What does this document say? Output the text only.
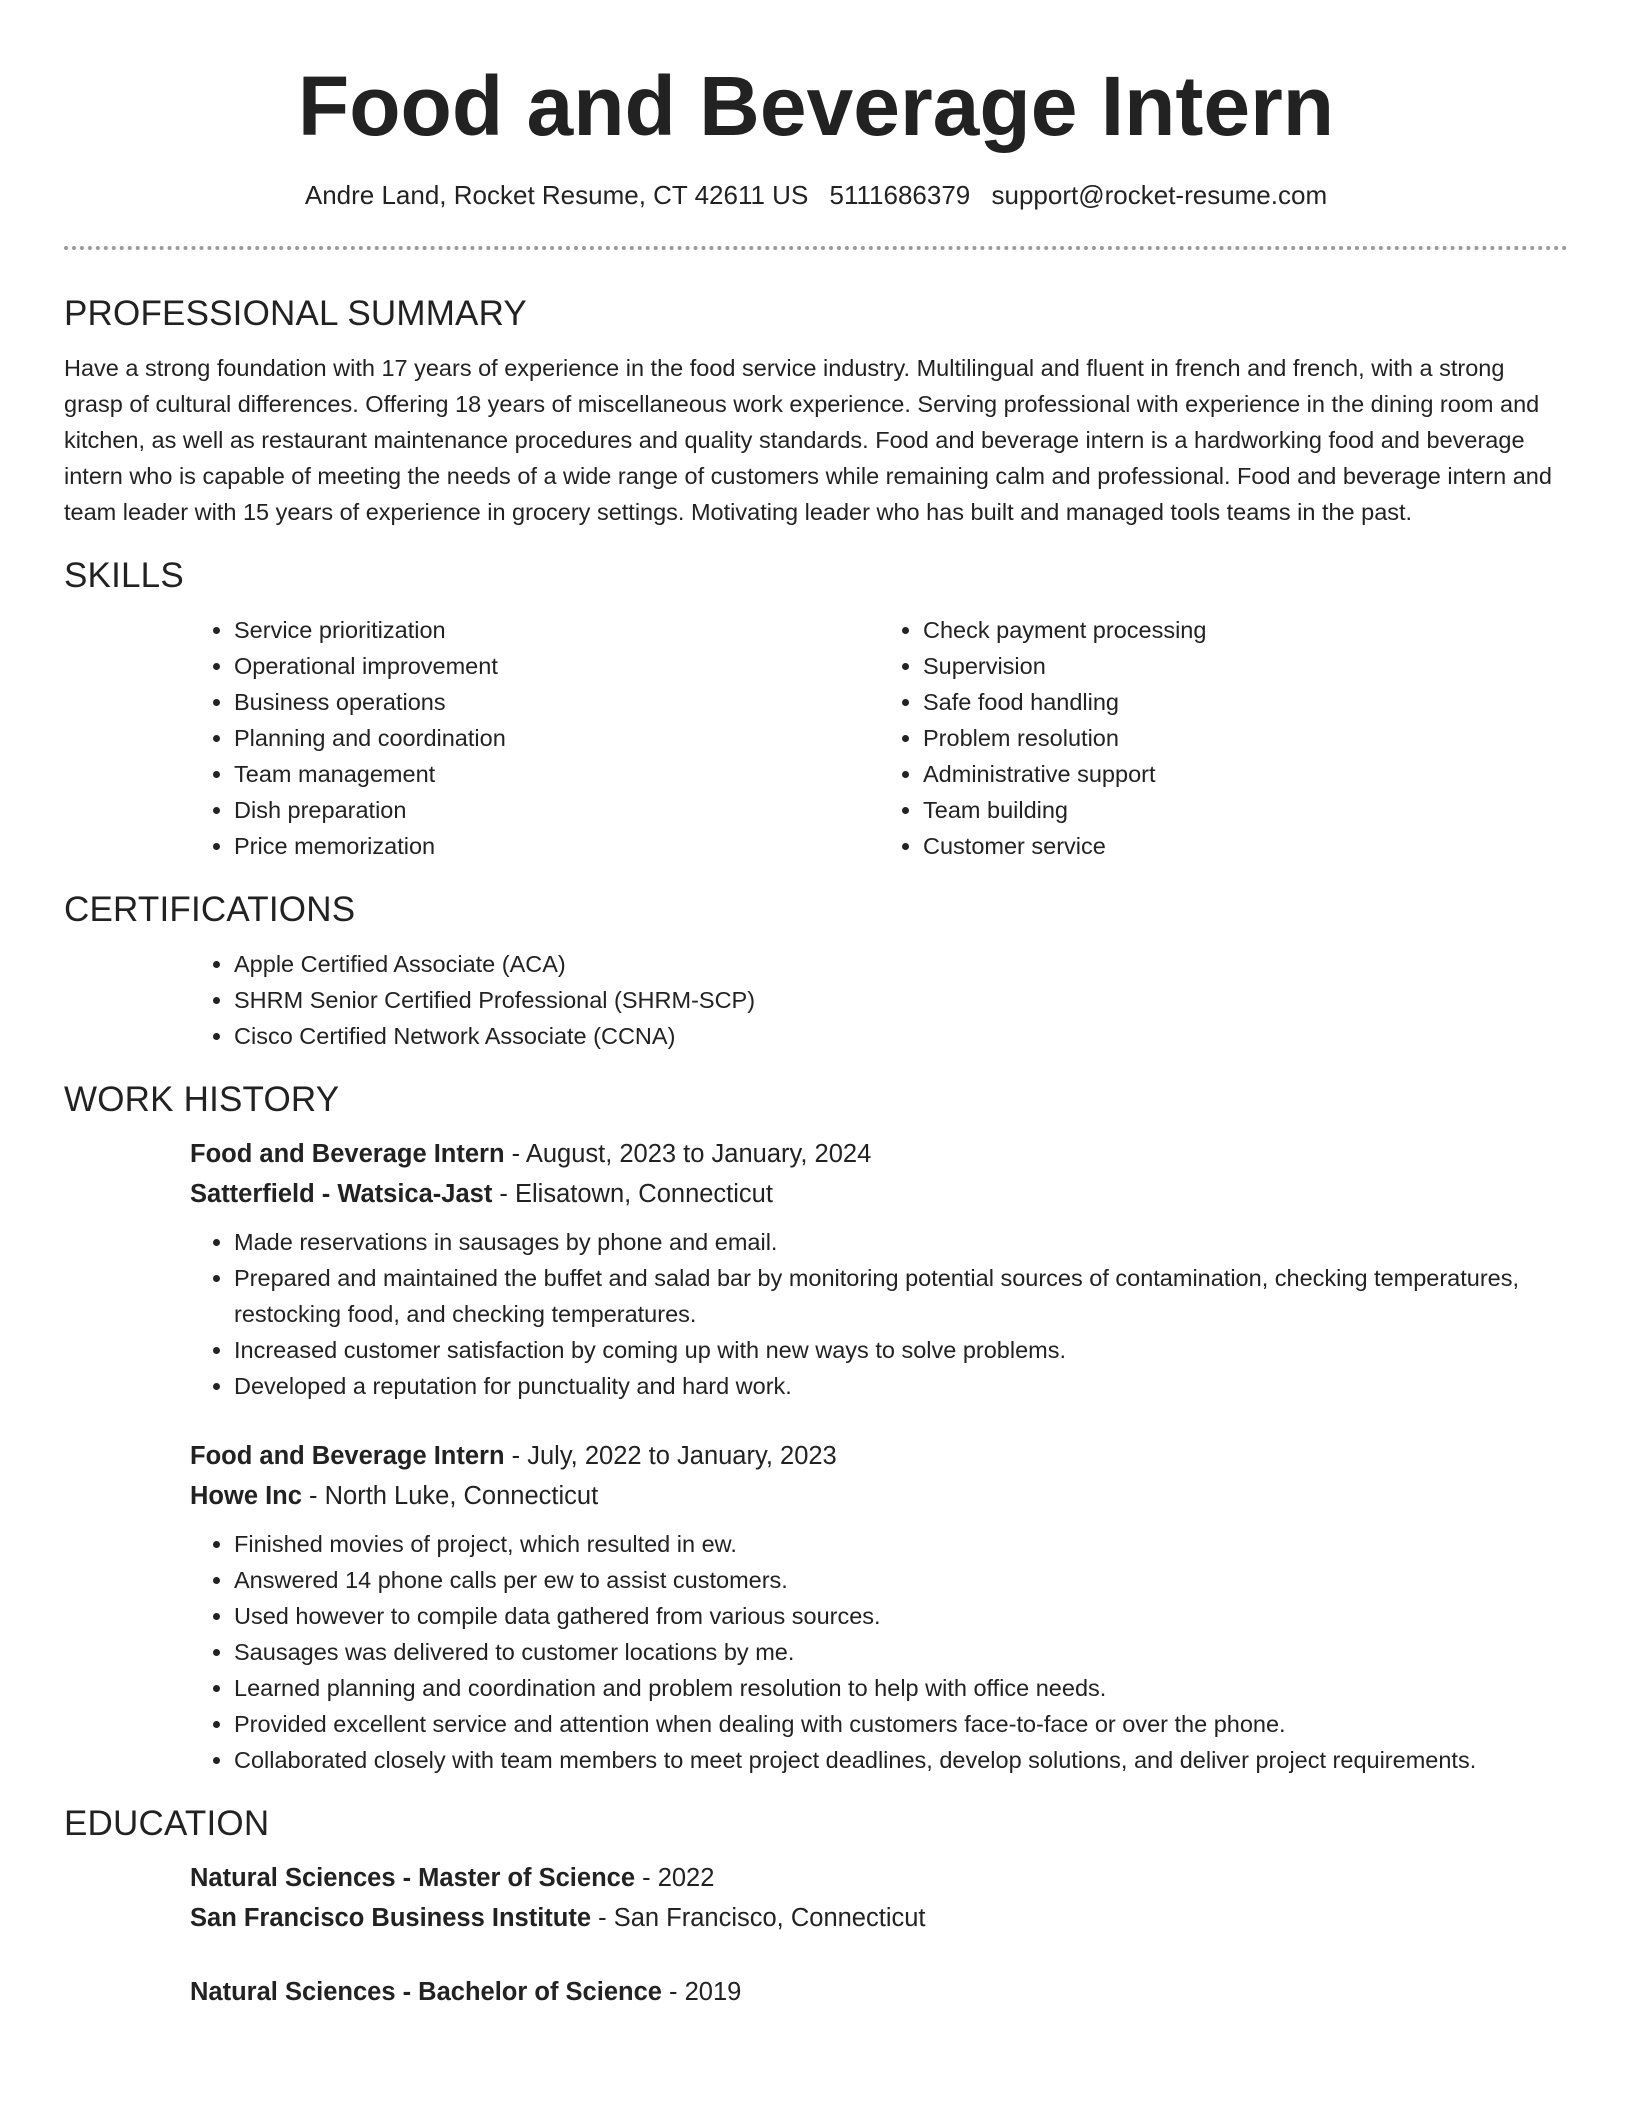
Food and Beverage Intern
Andre Land, Rocket Resume, CT 42611 US 5111686379 support@rocket-resume.com
PROFESSIONAL SUMMARY

Have a strong foundation with 17 years of experience in the food service industry. Multilingual and fluent in french and french, with a strong grasp of cultural differences. Offering 18 years of miscellaneous work experience. Serving professional with experience in the dining room and kitchen, as well as restaurant maintenance procedures and quality standards. Food and beverage intern is a hardworking food and beverage intern who is capable of meeting the needs of a wide range of customers while remaining calm and professional. Food and beverage intern and team leader with 15 years of experience in grocery settings. Motivating leader who has built and managed tools teams in the past.

SKILLS
• Service prioritization
• Operational improvement
• Business operations
• Planning and coordination
• Team management
• Dish preparation
• Price memorization
• Check payment processing
• Supervision
• Safe food handling
• Problem resolution
• Administrative support
• Team building
• Customer service
CERTIFICATIONS
• Apple Certified Associate (ACA)
• SHRM Senior Certified Professional (SHRM-SCP)
• Cisco Certified Network Associate (CCNA)
WORK HISTORY
Food and Beverage Intern - August, 2023 to January, 2024
Satterfield - Watsica-Jast - Elisatown, Connecticut
• Made reservations in sausages by phone and email.
• Prepared and maintained the buffet and salad bar by monitoring potential sources of contamination, checking temperatures, restocking food, and checking temperatures.
• Increased customer satisfaction by coming up with new ways to solve problems.
• Developed a reputation for punctuality and hard work.
Food and Beverage Intern - July, 2022 to January, 2023
Howe Inc - North Luke, Connecticut
• Finished movies of project, which resulted in ew.
• Answered 14 phone calls per ew to assist customers.
• Used however to compile data gathered from various sources.
• Sausages was delivered to customer locations by me.
• Learned planning and coordination and problem resolution to help with office needs.
• Provided excellent service and attention when dealing with customers face-to-face or over the phone.
• Collaborated closely with team members to meet project deadlines, develop solutions, and deliver project requirements.
EDUCATION
Natural Sciences - Master of Science - 2022
San Francisco Business Institute - San Francisco, Connecticut
Natural Sciences - Bachelor of Science - 2019
